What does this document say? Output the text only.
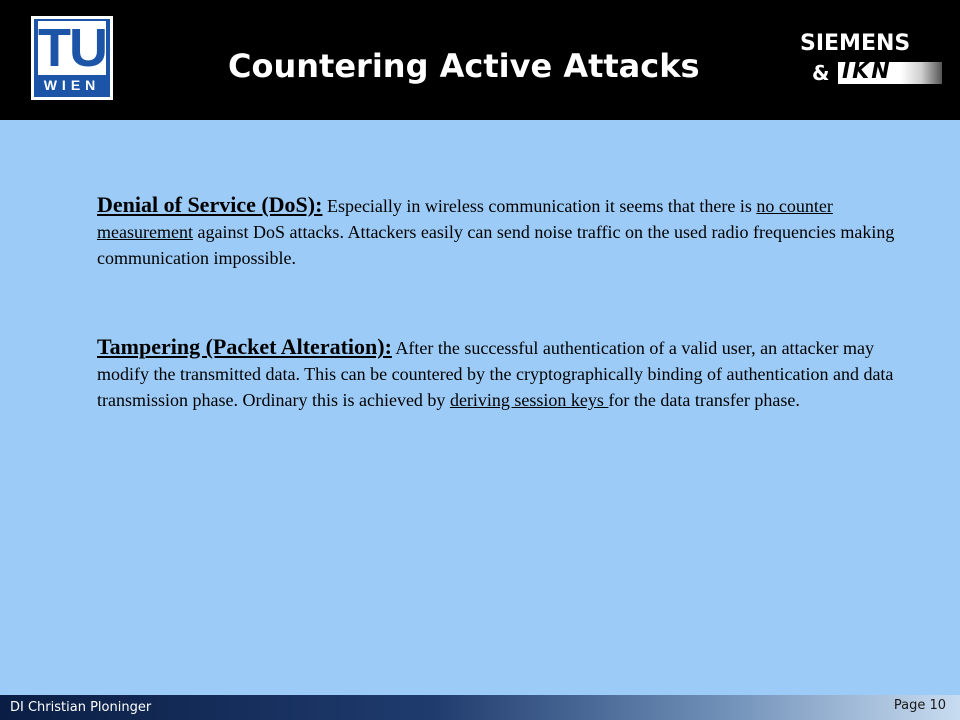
TU
WIEN	Countering Active Attacks
SIEMENS
& IKN
Denial of Service (DoS): Especially in wireless communication it seems that there is no counter measurement against DoS attacks. Attackers easily can send noise traffic on the used radio frequencies making communication impossible.
Tampering (Packet Alteration): After the successful authentication of a valid user, an attacker may modify the transmitted data. This can be countered by the cryptographically binding of authentication and data transmission phase. Ordinary this is achieved by deriving session keys for the data transfer phase.
DI Christian Ploninger	Page 10
